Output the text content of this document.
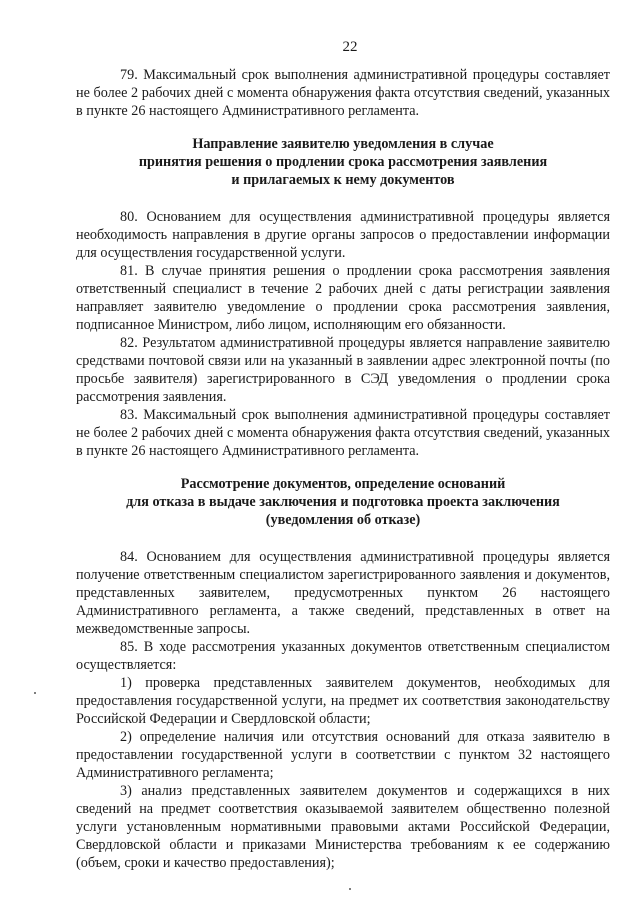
22

79. Максимальный срок выполнения административной процедуры составляет не более 2 рабочих дней с момента обнаружения факта отсутствия сведений, указанных в пункте 26 настоящего Административного регламента.

Направление заявителю уведомления в случае
принятия решения о продлении срока рассмотрения заявления
и прилагаемых к нему документов

80. Основанием для осуществления административной процедуры является необходимость направления в другие органы запросов о предоставлении информации для осуществления государственной услуги.

81. В случае принятия решения о продлении срока рассмотрения заявления ответственный специалист в течение 2 рабочих дней с даты регистрации заявления направляет заявителю уведомление о продлении срока рассмотрения заявления, подписанное Министром, либо лицом, исполняющим его обязанности.

82. Результатом административной процедуры является направление заявителю средствами почтовой связи или на указанный в заявлении адрес электронной почты (по просьбе заявителя) зарегистрированного в СЭД уведомления о продлении срока рассмотрения заявления.

83. Максимальный срок выполнения административной процедуры составляет не более 2 рабочих дней с момента обнаружения факта отсутствия сведений, указанных в пункте 26 настоящего Административного регламента.

Рассмотрение документов, определение оснований
для отказа в выдаче заключения и подготовка проекта заключения
(уведомления об отказе)

84. Основанием для осуществления административной процедуры является получение ответственным специалистом зарегистрированного заявления и документов, представленных заявителем, предусмотренных пунктом 26 настоящего Административного регламента, а также сведений, представленных в ответ на межведомственные запросы.

85. В ходе рассмотрения указанных документов ответственным специалистом осуществляется:

1) проверка представленных заявителем документов, необходимых для предоставления государственной услуги, на предмет их соответствия законодательству Российской Федерации и Свердловской области;

2) определение наличия или отсутствия оснований для отказа заявителю в предоставлении государственной услуги в соответствии с пунктом 32 настоящего Административного регламента;

3) анализ представленных заявителем документов и содержащихся в них сведений на предмет соответствия оказываемой заявителем общественно полезной услуги установленным нормативными правовыми актами Российской Федерации, Свердловской области и приказами Министерства требованиям к ее содержанию (объем, сроки и качество предоставления);
